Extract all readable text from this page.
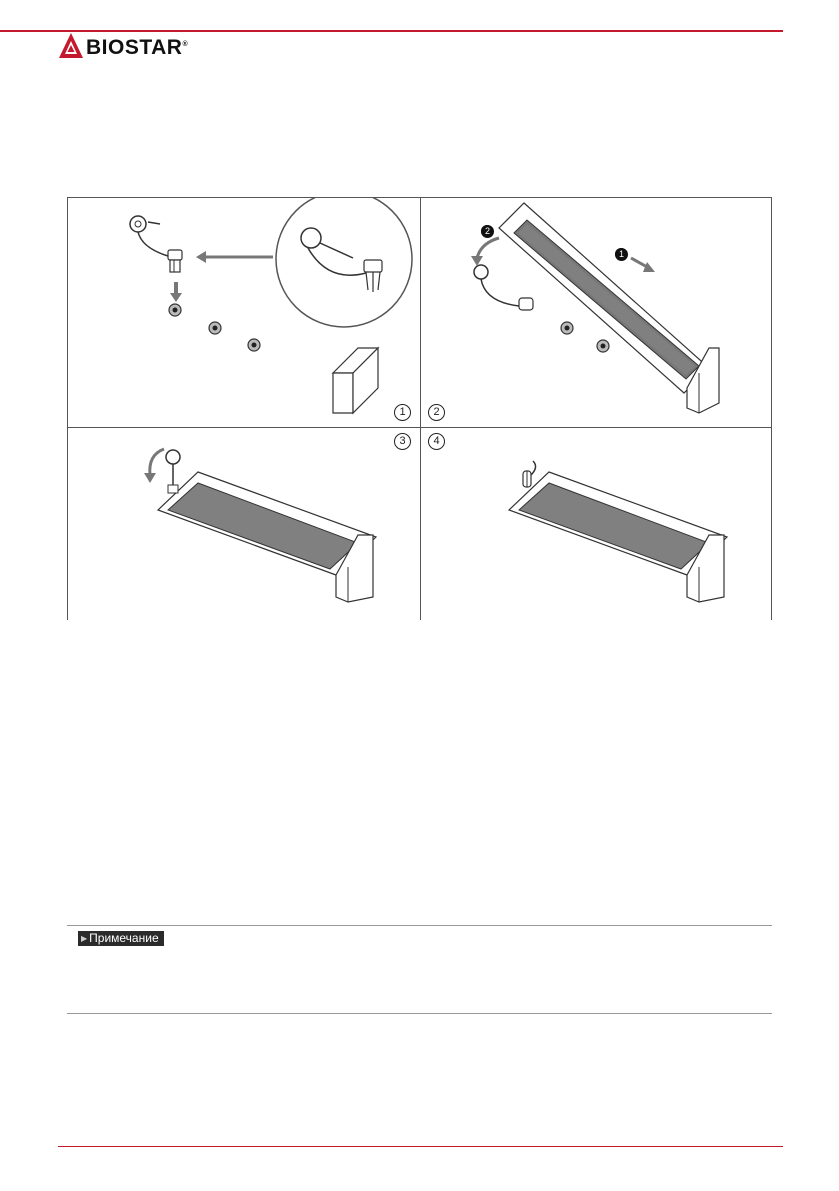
BIOSTAR®
1	2
2
1
3	4
▶ Примечание
